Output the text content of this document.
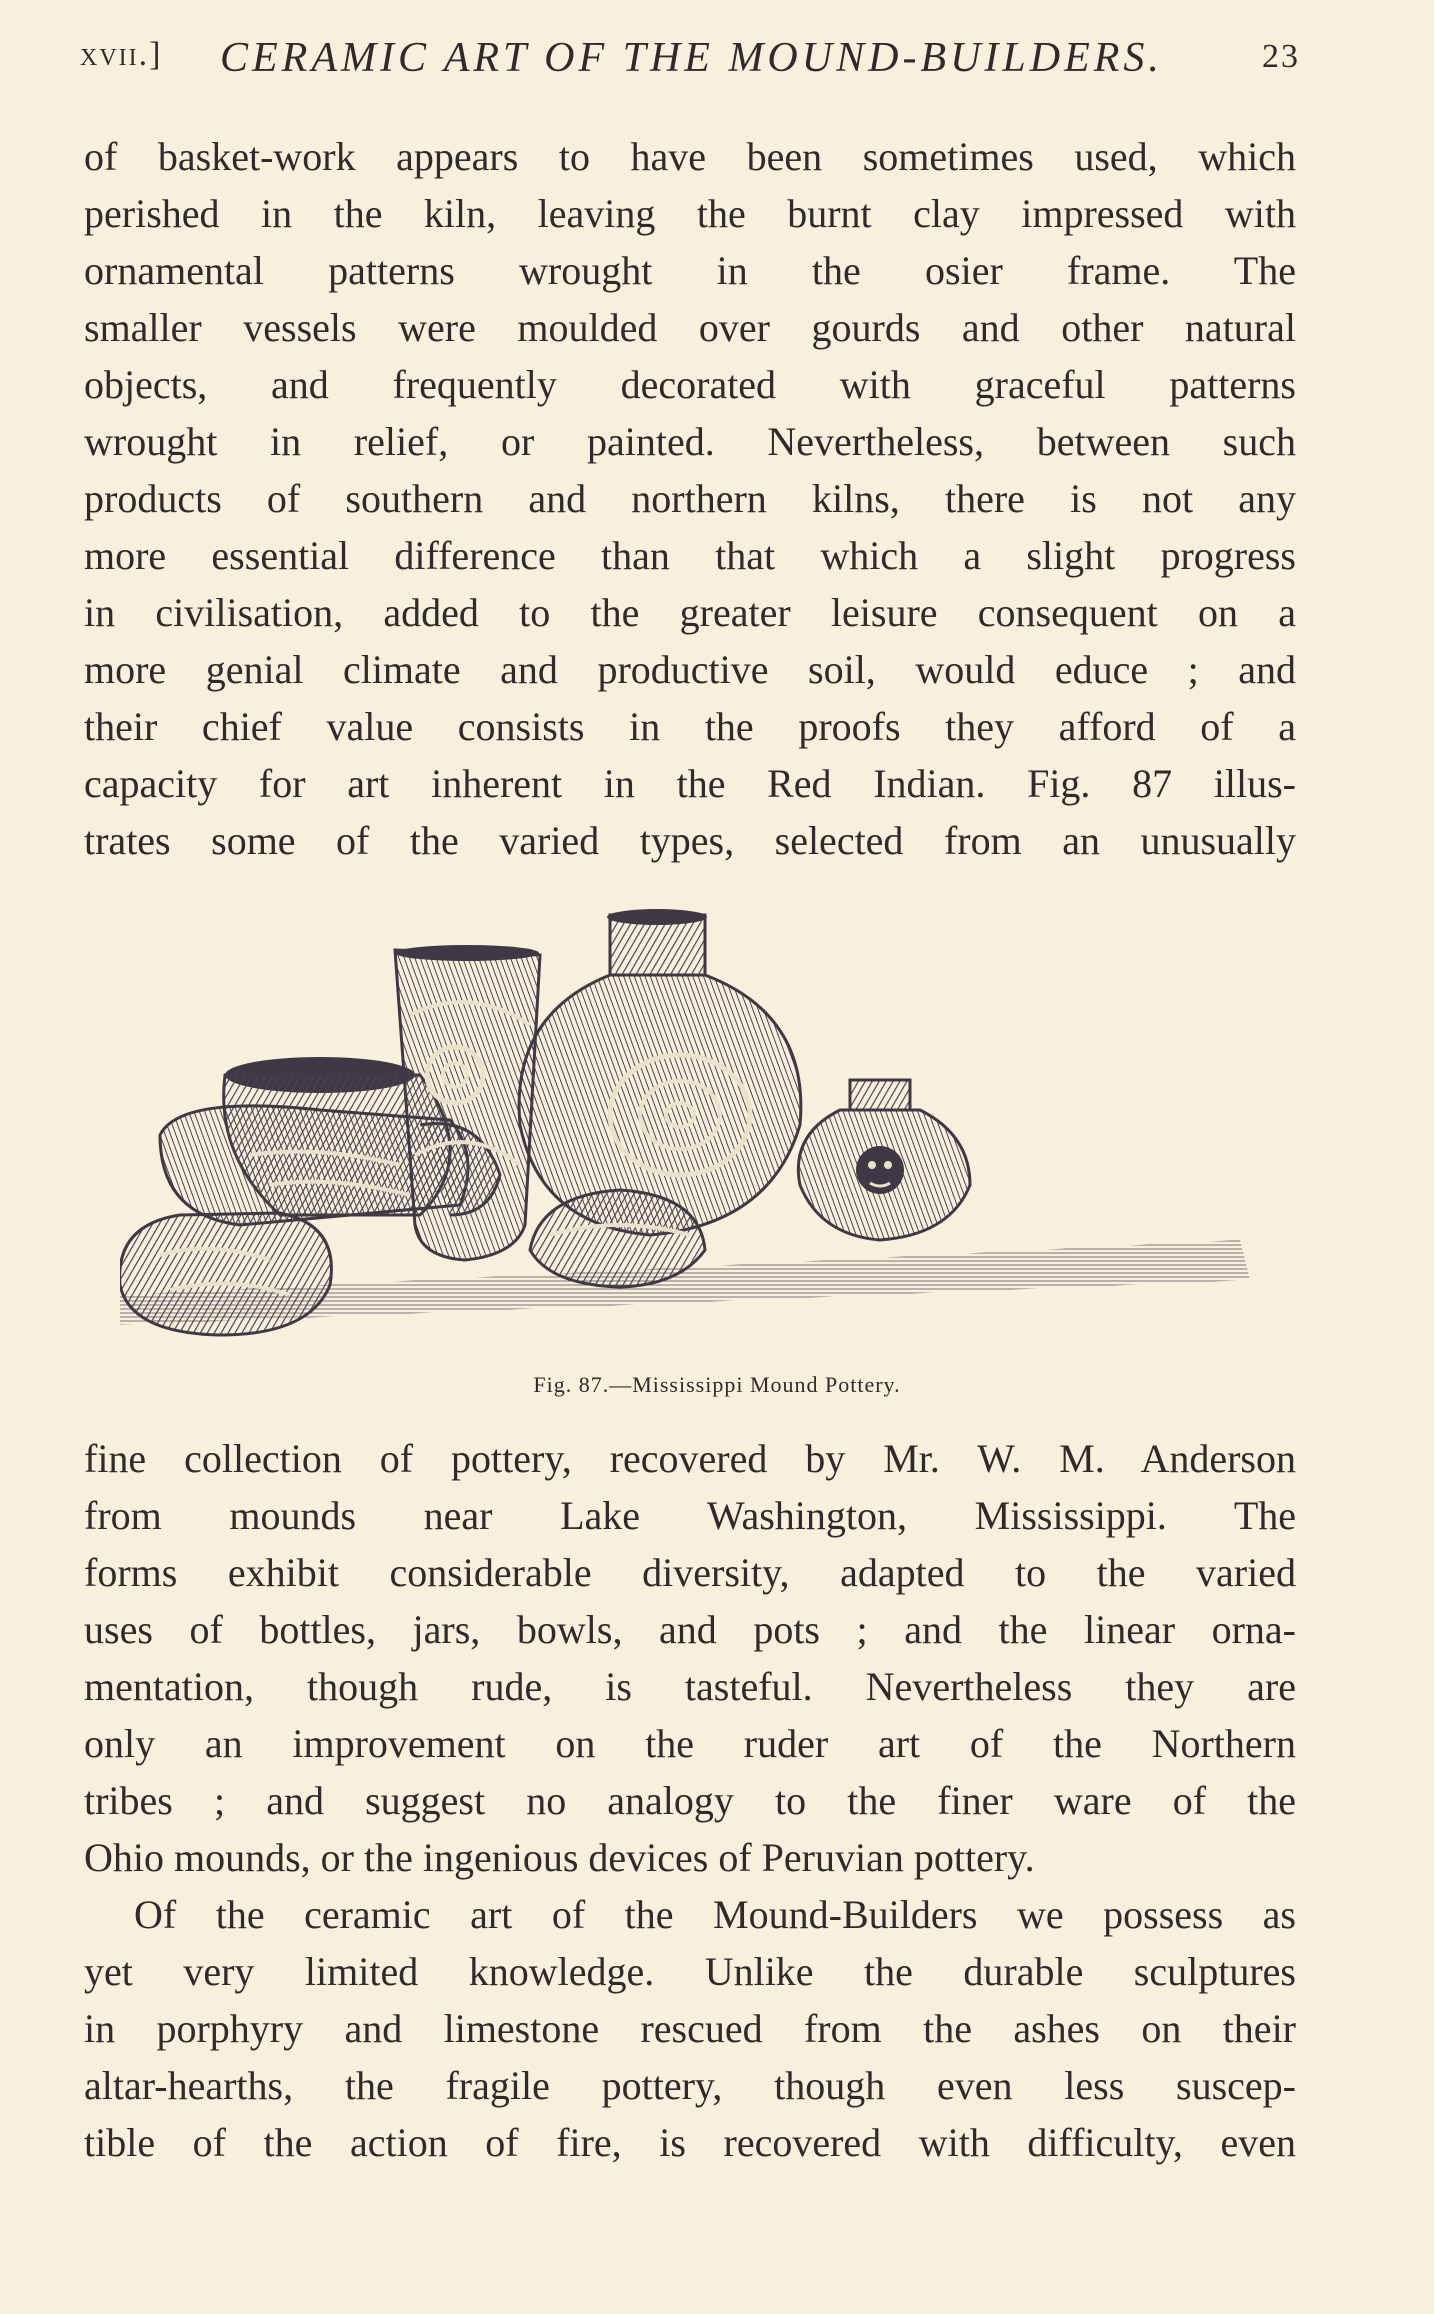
xvii.] CERAMIC ART OF THE MOUND-BUILDERS.	23

of basket-work appears to have been sometimes used, which
perished in the kiln, leaving the burnt clay impressed with
ornamental patterns wrought in the osier frame. The
smaller vessels were moulded over gourds and other natural
objects, and frequently decorated with graceful patterns
wrought in relief, or painted. Nevertheless, between such
products of southern and northern kilns, there is not any
more essential difference than that which a slight progress
in civilisation, added to the greater leisure consequent on a
more genial climate and productive soil, would educe ; and
their chief value consists in the proofs they afford of a
capacity for art inherent in the Red Indian. Fig. 87 illus-
trates some of the varied types, selected from an unusually

Fig. 87.—Mississippi Mound Pottery.

fine collection of pottery, recovered by Mr. W. M. Anderson
from mounds near Lake Washington, Mississippi. The
forms exhibit considerable diversity, adapted to the varied
uses of bottles, jars, bowls, and pots ; and the linear orna-
mentation, though rude, is tasteful. Nevertheless they are
only an improvement on the ruder art of the Northern
tribes ; and suggest no analogy to the finer ware of the
Ohio mounds, or the ingenious devices of Peruvian pottery.

Of the ceramic art of the Mound-Builders we possess as
yet very limited knowledge. Unlike the durable sculptures
in porphyry and limestone rescued from the ashes on their
altar-hearths, the fragile pottery, though even less suscep-
tible of the action of fire, is recovered with difficulty, even
